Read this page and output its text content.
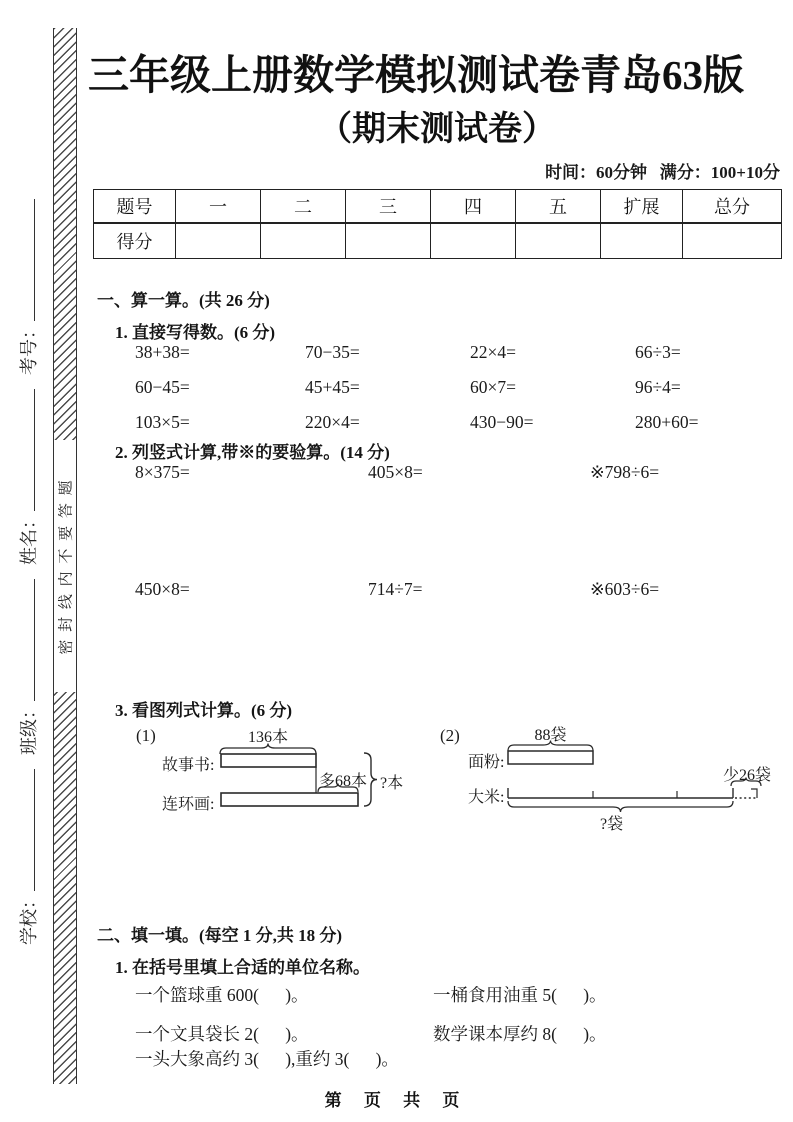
学校：
班级：
姓名：
考号：
密 封 线 内 不 要 答 题
三年级上册数学模拟测试卷青岛63版
（期末测试卷）
时间：60分钟   满分：100+10分
题号	一	二	三	四	五	扩展	总分
得分							
一、算一算。(共 26 分)
1. 直接写得数。(6 分)
38+38=	70−35=	22×4=	66÷3=
60−45=	45+45=	60×7=	96÷4=
103×5=	220×4=	430−90=	280+60=
2. 列竖式计算,带※的要验算。(14 分)
8×375=	405×8=	※798÷6=
450×8=	714÷7=	※603÷6=
3. 看图列式计算。(6 分)
(1)	136本
故事书:
多68本
连环画:
?本
(2)	88袋
面粉:
少26袋
大米:
?袋
二、填一填。(每空 1 分,共 18 分)
1. 在括号里填上合适的单位名称。
一个篮球重 600(      )。	一桶食用油重 5(      )。
一个文具袋长 2(      )。	数学课本厚约 8(      )。
一头大象高约 3(      ),重约 3(      )。
第 页 共 页
